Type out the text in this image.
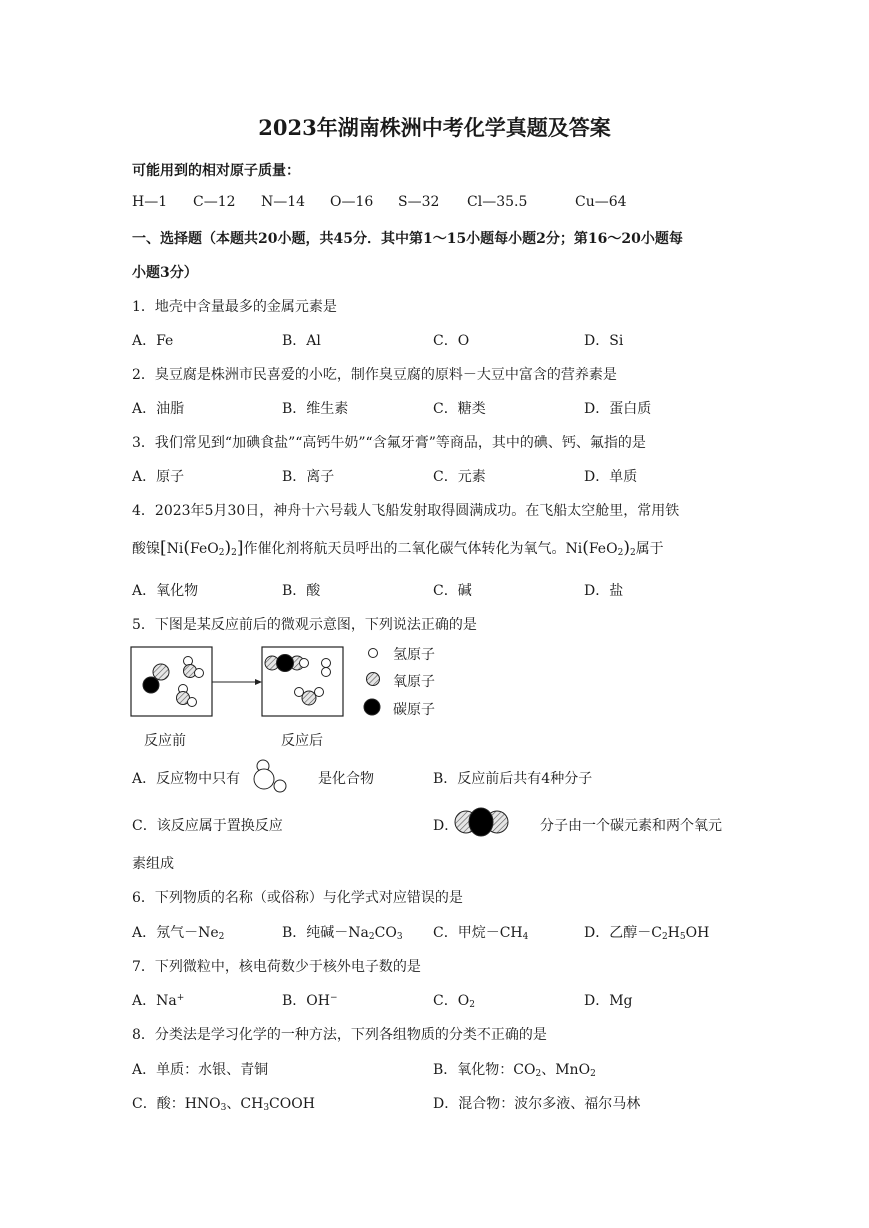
2023年湖南株洲中考化学真题及答案
可能用到的相对原子质量：
H—1 C—12 N—14 O—16 S—32 Cl—35.5	Cu—64
一、选择题（本题共20小题，共45分．其中第1～15小题每小题2分；第16～20小题每
小题3分）
1．地壳中含量最多的金属元素是
A．Fe	B．Al	C．O	D．Si
2．臭豆腐是株洲市民喜爱的小吃，制作臭豆腐的原料－大豆中富含的营养素是
A．油脂	B．维生素	C．糖类	D．蛋白质
3．我们常见到“加碘食盐”“高钙牛奶”“含氟牙膏”等商品，其中的碘、钙、氟指的是
A．原子	B．离子	C．元素	D．单质
4．2023年5月30日，神舟十六号载人飞船发射取得圆满成功。在飞船太空舱里，常用铁
酸镍$[Ni(FeO_2)_2]$作催化剂将航天员呼出的二氧化碳气体转化为氧气。$Ni(FeO_2)_2$属于
A．氧化物	B．酸	C．碱	D．盐
5．下图是某反应前后的微观示意图，下列说法正确的是
氢原子
氧原子
碳原子
反应前	反应后
A．反应物中只有	是化合物	B．反应前后共有4种分子
C．该反应属于置换反应	D．	分子由一个碳元素和两个氧元
素组成
6．下列物质的名称（或俗称）与化学式对应错误的是
A．氖气$-Ne_2$	B．纯碱$-Na_2CO_3$ C．甲烷$-CH_4$	D．乙醇$-C_2H_5OH$
7．下列微粒中，核电荷数少于核外电子数的是
A．Na+	B．OH−	C．$O_2$	D．Mg
8．分类法是学习化学的一种方法，下列各组物质的分类不正确的是
A．单质：水银、青铜	B．氧化物：$CO_2$、MnO$_2$
C．酸：$HNO_3$、$CH_3COOH$	D．混合物：波尔多液、福尔马林
